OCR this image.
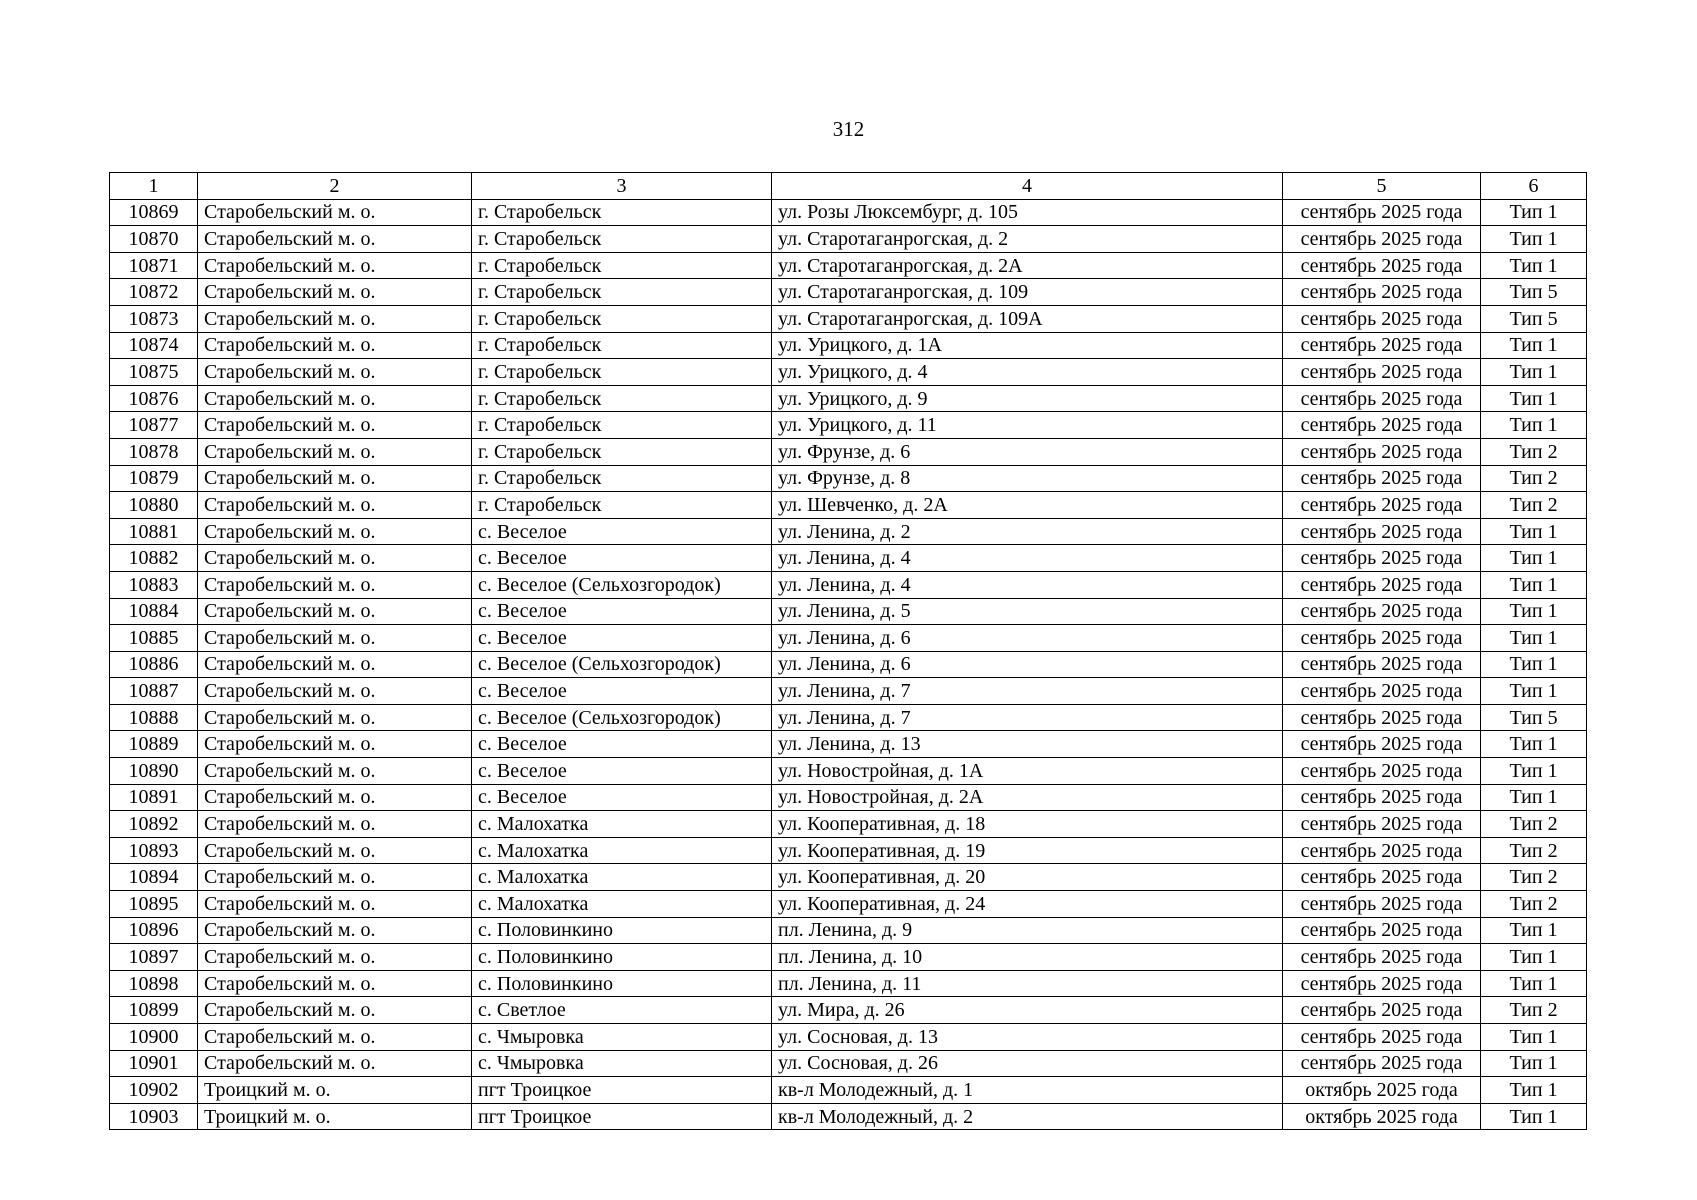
312
1	2	3	4	5	6
10869	Старобельский м. о.	г. Старобельск	ул. Розы Люксембург, д. 105	сентябрь 2025 года	Тип 1
10870	Старобельский м. о.	г. Старобельск	ул. Старотаганрогская, д. 2	сентябрь 2025 года	Тип 1
10871	Старобельский м. о.	г. Старобельск	ул. Старотаганрогская, д. 2А	сентябрь 2025 года	Тип 1
10872	Старобельский м. о.	г. Старобельск	ул. Старотаганрогская, д. 109	сентябрь 2025 года	Тип 5
10873	Старобельский м. о.	г. Старобельск	ул. Старотаганрогская, д. 109А	сентябрь 2025 года	Тип 5
10874	Старобельский м. о.	г. Старобельск	ул. Урицкого, д. 1А	сентябрь 2025 года	Тип 1
10875	Старобельский м. о.	г. Старобельск	ул. Урицкого, д. 4	сентябрь 2025 года	Тип 1
10876	Старобельский м. о.	г. Старобельск	ул. Урицкого, д. 9	сентябрь 2025 года	Тип 1
10877	Старобельский м. о.	г. Старобельск	ул. Урицкого, д. 11	сентябрь 2025 года	Тип 1
10878	Старобельский м. о.	г. Старобельск	ул. Фрунзе, д. 6	сентябрь 2025 года	Тип 2
10879	Старобельский м. о.	г. Старобельск	ул. Фрунзе, д. 8	сентябрь 2025 года	Тип 2
10880	Старобельский м. о.	г. Старобельск	ул. Шевченко, д. 2А	сентябрь 2025 года	Тип 2
10881	Старобельский м. о.	с. Веселое	ул. Ленина, д. 2	сентябрь 2025 года	Тип 1
10882	Старобельский м. о.	с. Веселое	ул. Ленина, д. 4	сентябрь 2025 года	Тип 1
10883	Старобельский м. о.	с. Веселое (Сельхозгородок)	ул. Ленина, д. 4	сентябрь 2025 года	Тип 1
10884	Старобельский м. о.	с. Веселое	ул. Ленина, д. 5	сентябрь 2025 года	Тип 1
10885	Старобельский м. о.	с. Веселое	ул. Ленина, д. 6	сентябрь 2025 года	Тип 1
10886	Старобельский м. о.	с. Веселое (Сельхозгородок)	ул. Ленина, д. 6	сентябрь 2025 года	Тип 1
10887	Старобельский м. о.	с. Веселое	ул. Ленина, д. 7	сентябрь 2025 года	Тип 1
10888	Старобельский м. о.	с. Веселое (Сельхозгородок)	ул. Ленина, д. 7	сентябрь 2025 года	Тип 5
10889	Старобельский м. о.	с. Веселое	ул. Ленина, д. 13	сентябрь 2025 года	Тип 1
10890	Старобельский м. о.	с. Веселое	ул. Новостройная, д. 1А	сентябрь 2025 года	Тип 1
10891	Старобельский м. о.	с. Веселое	ул. Новостройная, д. 2А	сентябрь 2025 года	Тип 1
10892	Старобельский м. о.	с. Малохатка	ул. Кооперативная, д. 18	сентябрь 2025 года	Тип 2
10893	Старобельский м. о.	с. Малохатка	ул. Кооперативная, д. 19	сентябрь 2025 года	Тип 2
10894	Старобельский м. о.	с. Малохатка	ул. Кооперативная, д. 20	сентябрь 2025 года	Тип 2
10895	Старобельский м. о.	с. Малохатка	ул. Кооперативная, д. 24	сентябрь 2025 года	Тип 2
10896	Старобельский м. о.	с. Половинкино	пл. Ленина, д. 9	сентябрь 2025 года	Тип 1
10897	Старобельский м. о.	с. Половинкино	пл. Ленина, д. 10	сентябрь 2025 года	Тип 1
10898	Старобельский м. о.	с. Половинкино	пл. Ленина, д. 11	сентябрь 2025 года	Тип 1
10899	Старобельский м. о.	с. Светлое	ул. Мира, д. 26	сентябрь 2025 года	Тип 2
10900	Старобельский м. о.	с. Чмыровка	ул. Сосновая, д. 13	сентябрь 2025 года	Тип 1
10901	Старобельский м. о.	с. Чмыровка	ул. Сосновая, д. 26	сентябрь 2025 года	Тип 1
10902	Троицкий м. о.	пгт Троицкое	кв-л Молодежный, д. 1	октябрь 2025 года	Тип 1
10903	Троицкий м. о.	пгт Троицкое	кв-л Молодежный, д. 2	октябрь 2025 года	Тип 1
